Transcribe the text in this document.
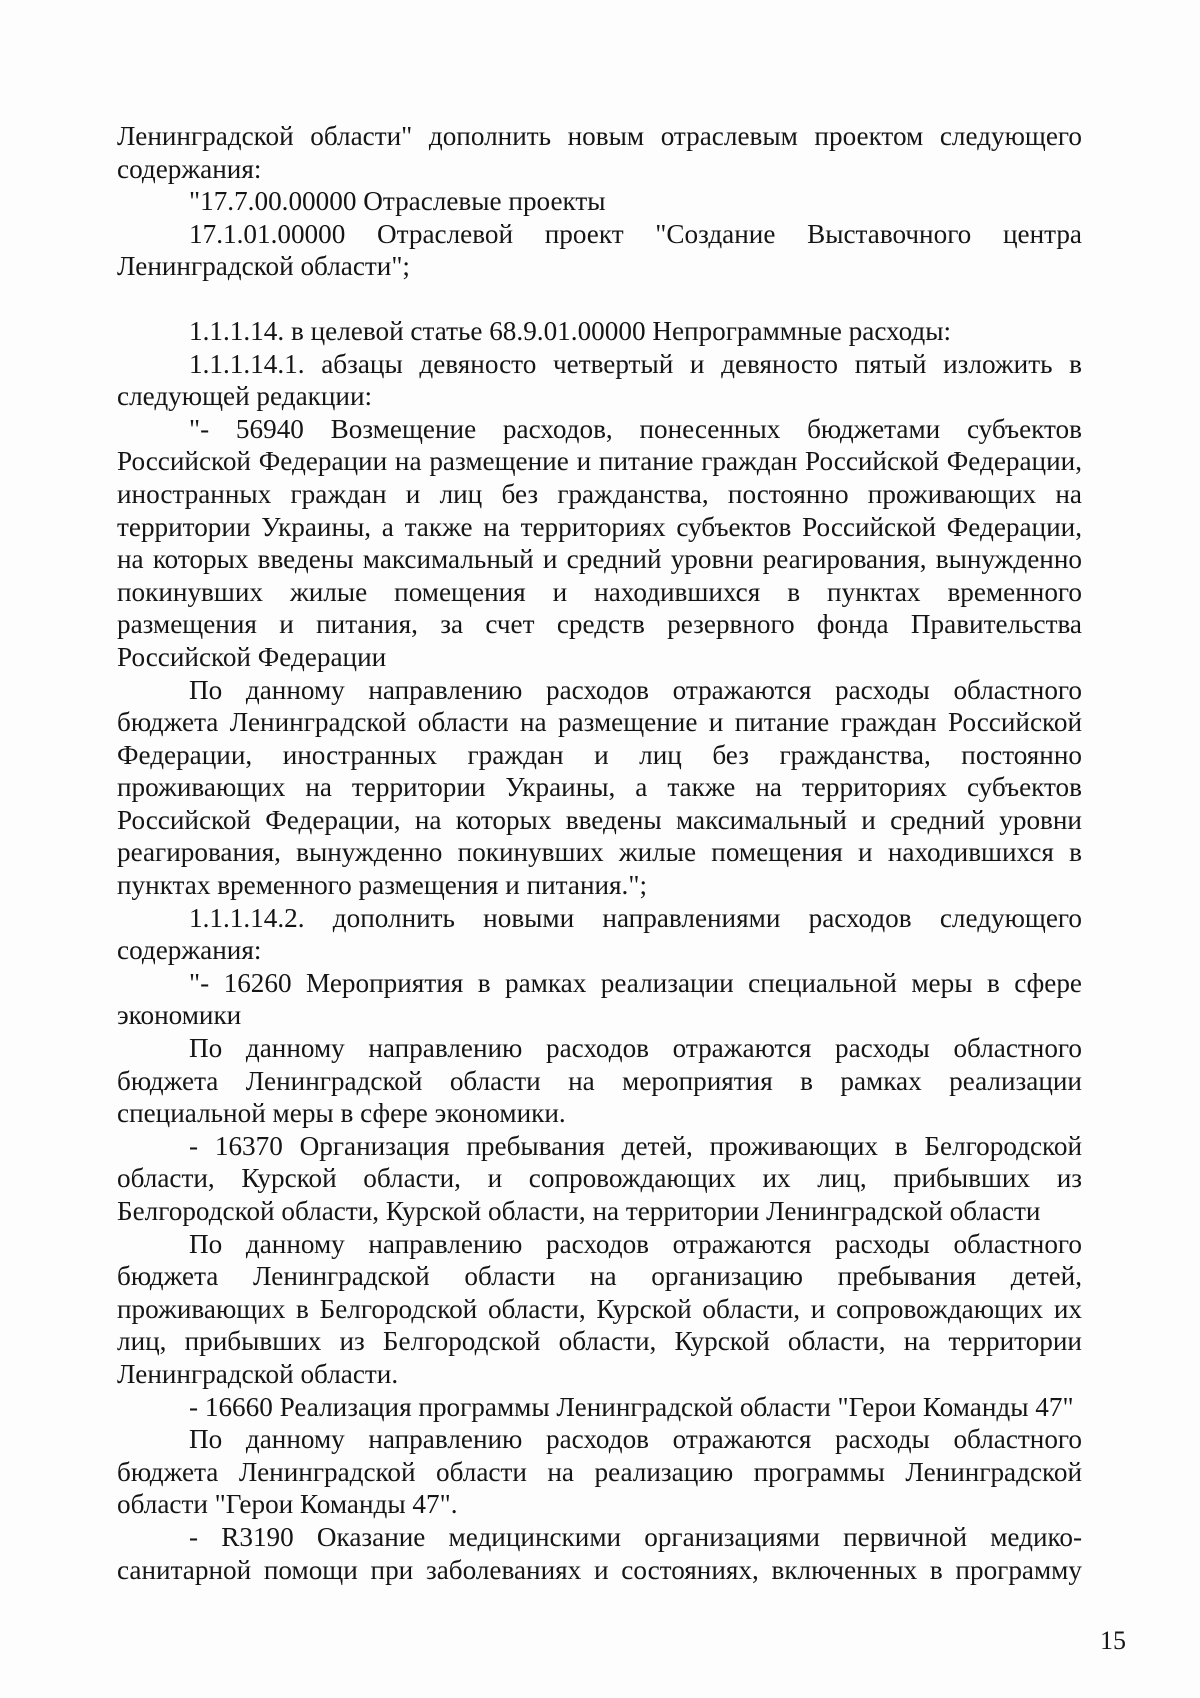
Ленинградской области" дополнить новым отраслевым проектом следующего содержания:

"17.7.00.00000 Отраслевые проекты

17.1.01.00000 Отраслевой проект "Создание Выставочного центра Ленинградской области";

1.1.1.14. в целевой статье 68.9.01.00000 Непрограммные расходы:

1.1.1.14.1. абзацы девяносто четвертый и девяносто пятый изложить в следующей редакции:

"- 56940 Возмещение расходов, понесенных бюджетами субъектов Российской Федерации на размещение и питание граждан Российской Федерации, иностранных граждан и лиц без гражданства, постоянно проживающих на территории Украины, а также на территориях субъектов Российской Федерации, на которых введены максимальный и средний уровни реагирования, вынужденно покинувших жилые помещения и находившихся в пунктах временного размещения и питания, за счет средств резервного фонда Правительства Российской Федерации

По данному направлению расходов отражаются расходы областного бюджета Ленинградской области на размещение и питание граждан Российской Федерации, иностранных граждан и лиц без гражданства, постоянно проживающих на территории Украины, а также на территориях субъектов Российской Федерации, на которых введены максимальный и средний уровни реагирования, вынужденно покинувших жилые помещения и находившихся в пунктах временного размещения и питания.";

1.1.1.14.2. дополнить новыми направлениями расходов следующего содержания:

"- 16260 Мероприятия в рамках реализации специальной меры в сфере экономики

По данному направлению расходов отражаются расходы областного бюджета Ленинградской области на мероприятия в рамках реализации специальной меры в сфере экономики.

- 16370 Организация пребывания детей, проживающих в Белгородской области, Курской области, и сопровождающих их лиц, прибывших из Белгородской области, Курской области, на территории Ленинградской области

По данному направлению расходов отражаются расходы областного бюджета Ленинградской области на организацию пребывания детей, проживающих в Белгородской области, Курской области, и сопровождающих их лиц, прибывших из Белгородской области, Курской области, на территории Ленинградской области.

- 16660 Реализация программы Ленинградской области "Герои Команды 47"

По данному направлению расходов отражаются расходы областного бюджета Ленинградской области на реализацию программы Ленинградской области "Герои Команды 47".

- R3190 Оказание медицинскими организациями первичной медико-санитарной помощи при заболеваниях и состояниях, включенных в программу

15
